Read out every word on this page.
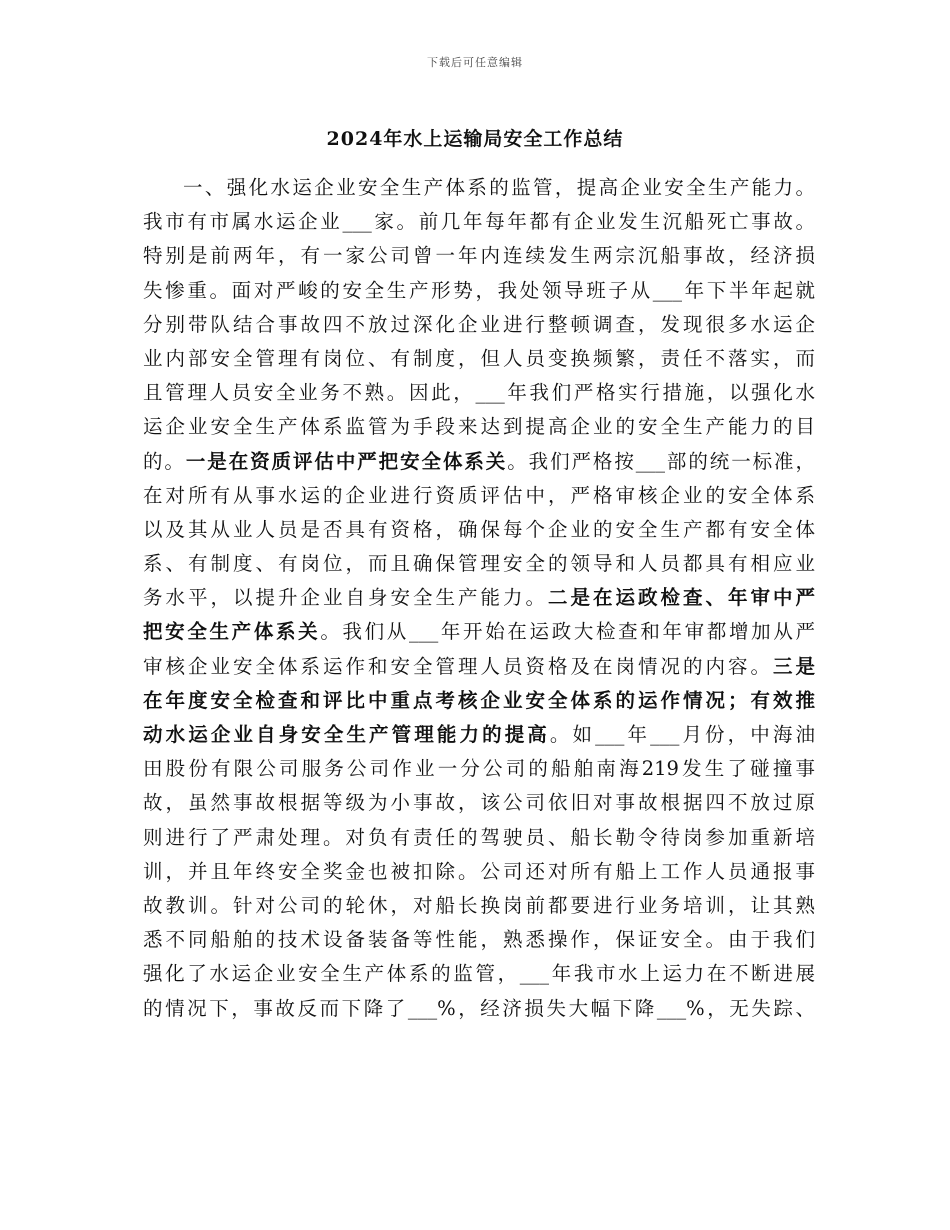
下载后可任意编辑
2024年水上运输局安全工作总结
一、强化水运企业安全生产体系的监管，提高企业安全生产能力。
我市有市属水运企业___家。前几年每年都有企业发生沉船死亡事故。
特别是前两年，有一家公司曾一年内连续发生两宗沉船事故，经济损
失惨重。面对严峻的安全生产形势，我处领导班子从___年下半年起就
分别带队结合事故四不放过深化企业进行整顿调查，发现很多水运企
业内部安全管理有岗位、有制度，但人员变换频繁，责任不落实，而
且管理人员安全业务不熟。因此，___年我们严格实行措施，以强化水
运企业安全生产体系监管为手段来达到提高企业的安全生产能力的目
的。一是在资质评估中严把安全体系关。我们严格按___部的统一标准，
在对所有从事水运的企业进行资质评估中，严格审核企业的安全体系
以及其从业人员是否具有资格，确保每个企业的安全生产都有安全体
系、有制度、有岗位，而且确保管理安全的领导和人员都具有相应业
务水平，以提升企业自身安全生产能力。二是在运政检查、年审中严
把安全生产体系关。我们从___年开始在运政大检查和年审都增加从严
审核企业安全体系运作和安全管理人员资格及在岗情况的内容。三是
在年度安全检查和评比中重点考核企业安全体系的运作情况；有效推
动水运企业自身安全生产管理能力的提高。如___年___月份，中海油
田股份有限公司服务公司作业一分公司的船舶南海219发生了碰撞事
故，虽然事故根据等级为小事故，该公司依旧对事故根据四不放过原
则进行了严肃处理。对负有责任的驾驶员、船长勒令待岗参加重新培
训，并且年终安全奖金也被扣除。公司还对所有船上工作人员通报事
故教训。针对公司的轮休，对船长换岗前都要进行业务培训，让其熟
悉不同船舶的技术设备装备等性能，熟悉操作，保证安全。由于我们
强化了水运企业安全生产体系的监管，___年我市水上运力在不断进展
的情况下，事故反而下降了___%，经济损失大幅下降___%，无失踪、
